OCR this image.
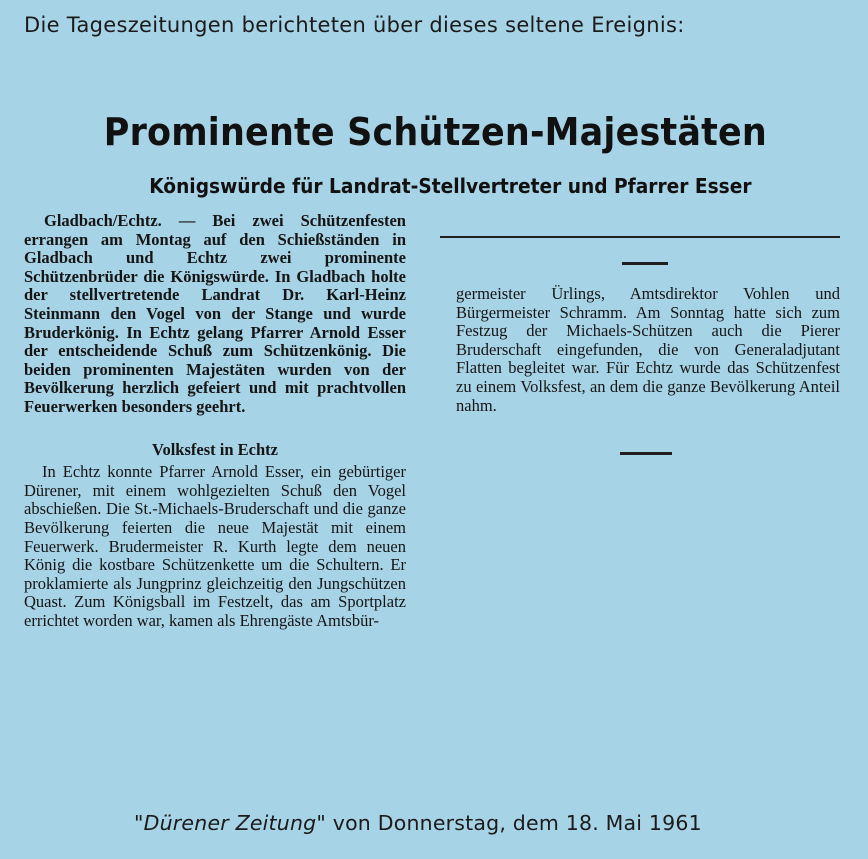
Die Tageszeitungen berichteten über dieses seltene Ereignis:
Prominente Schützen-Majestäten
Königswürde für Landrat-Stellvertreter und Pfarrer Esser

Gladbach/Echtz. — Bei zwei Schützenfesten errangen am Montag auf den Schießständen in Gladbach und Echtz zwei prominente Schützenbrüder die Königswürde. In Gladbach holte der stellvertretende Landrat Dr. Karl-Heinz Steinmann den Vogel von der Stange und wurde Bruderkönig. In Echtz gelang Pfarrer Arnold Esser der entscheidende Schuß zum Schützenkönig. Die beiden prominenten Majestäten wurden von der Bevölkerung herzlich gefeiert und mit prachtvollen Feuerwerken besonders geehrt.

Volksfest in Echtz

In Echtz konnte Pfarrer Arnold Esser, ein gebürtiger Dürener, mit einem wohlgezielten Schuß den Vogel abschießen. Die St.-Michaels-Bruderschaft und die ganze Bevölkerung feierten die neue Majestät mit einem Feuerwerk. Brudermeister R. Kurth legte dem neuen König die kostbare Schützenkette um die Schultern. Er proklamierte als Jungprinz gleichzeitig den Jungschützen Quast. Zum Königsball im Festzelt, das am Sportplatz errichtet worden war, kamen als Ehrengäste Amtsbür-

germeister Ürlings, Amtsdirektor Vohlen und Bürgermeister Schramm. Am Sonntag hatte sich zum Festzug der Michaels-Schützen auch die Pierer Bruderschaft eingefunden, die von Generaladjutant Flatten begleitet war. Für Echtz wurde das Schützenfest zu einem Volksfest, an dem die ganze Bevölkerung Anteil nahm.

"Dürener Zeitung" von Donnerstag, dem 18. Mai 1961
